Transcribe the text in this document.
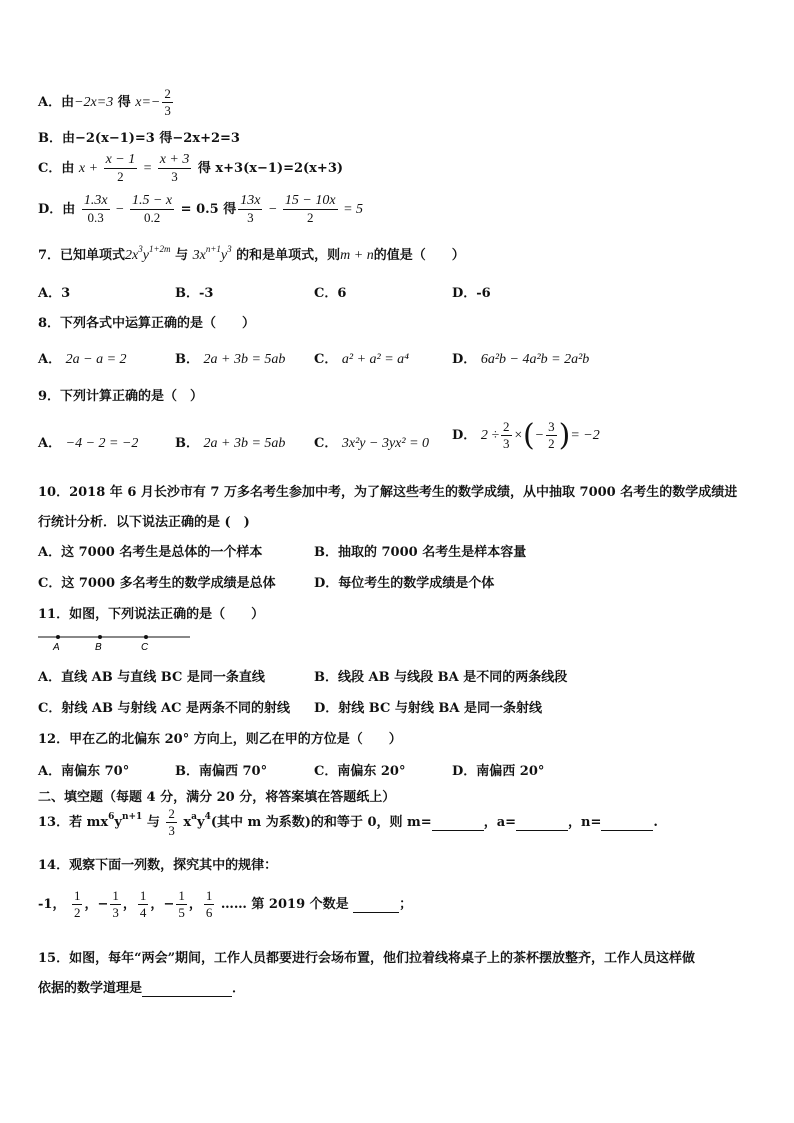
A．由−2x=3 得 $x=- \frac{2}{3}$
B．由−2(x−1)=3 得−2x+2=3
C．由 $x + \frac{x - 1}{2} = \frac{x + 3}{3}$ 得 x+3(x−1)=2(x+3)
D．由 $\frac{1.3x}{0.3} - \frac{1.5 - x}{0.2} = 0.5$ 得 $\frac{13x}{3} - \frac{15 - 10x}{2} = 5$
7．已知单项式$2x^3y^{1+2m}$ 与 $3x^{n+1}y^3$ 的和是单项式，则m + n的值是（　　）
A．3	B．-3	C．6	D．-6
8．下列各式中运算正确的是（　　）
A． 2a − a = 2	B． 2a + 3b = 5ab C． a² + a² = a⁴	D． 6a²b − 4a²b = 2a²b
9．下列计算正确的是（　）
A． −4 − 2 = −2	B． 2a + 3b = 5ab C． 3x²y − 3yx² = 0
D． $2 \div \frac{2}{3}$ ×(− $\frac{3}{2}$ )= −2
10．2018 年 6 月长沙市有 7 万多名考生参加中考，为了解这些考生的数学成绩，从中抽取 7000 名考生的数学成绩进
行统计分析．以下说法正确的是 (　)
A．这 7000 名考生是总体的一个样本	B．抽取的 7000 名考生是样本容量
C．这 7000 多名考生的数学成绩是总体	D．每位考生的数学成绩是个体
11．如图，下列说法正确的是（　　）
A	B	C
A．直线 AB 与直线 BC 是同一条直线	B．线段 AB 与线段 BA 是不同的两条线段
C．射线 AB 与射线 AC 是两条不同的射线 D．射线 BC 与射线 BA 是同一条射线
12．甲在乙的北偏东 20° 方向上，则乙在甲的方位是（　　）
A．南偏东 70°	B．南偏西 70°	C．南偏东 20°	D．南偏西 20°
二、填空题（每题 4 分，满分 20 分，将答案填在答题纸上）
13．若 $mx^6y^{n+1}$ 与 $\frac{2}{3} x^ay^4$(其中 m 为系数)的和等于 0，则 m=	，a=	，n=	.
14．观察下面一列数，探究其中的规律：
-1， $\frac{1}{2}$ ，− $\frac{1}{3}$ ， $\frac{1}{4}$ ，− $\frac{1}{5}$ ， $\frac{1}{6}$ …… 第 2019 个数是	；
15．如图，每年“两会”期间，工作人员都要进行会场布置，他们拉着线将桌子上的茶杯摆放整齐，工作人员这样做
依据的数学道理是	．
